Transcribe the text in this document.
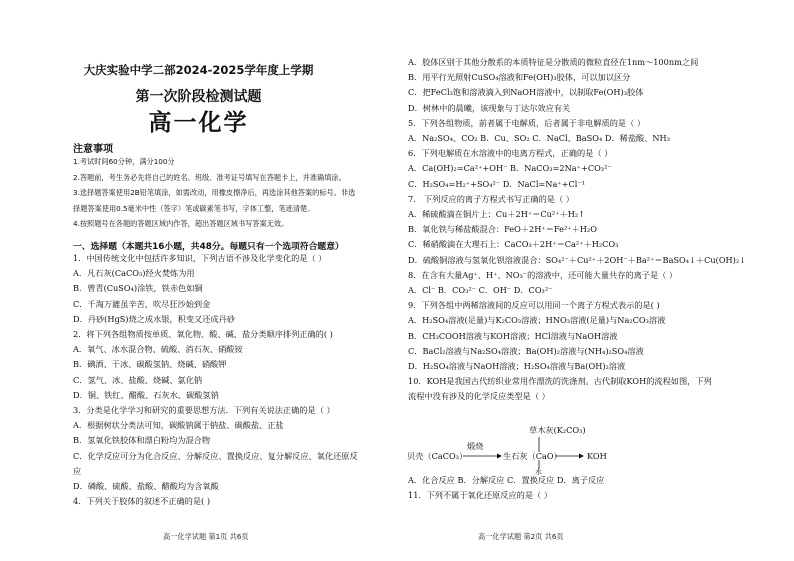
大庆实验中学二部2024-2025学年度上学期
第一次阶段检测试题
高一化学
注意事项
1.考试时间60分钟，满分100分
2.答题前，考生务必先将自己的姓名、班级、准考证号填写在答题卡上，并准确填涂。
3.选择题答案使用2B铅笔填涂，如需改动，用橡皮擦净后，再选涂其他答案的标号。非选
择题答案使用0.5毫米中性（签字）笔或碳素笔书写，字体工整，笔迹清楚。
4.按照题号在各题的答题区域内作答，超出答题区域书写答案无效。
一、选择题（本题共16小题，共48分。每题只有一个选项符合题意）
1．中国传统文化中包括许多知识，下列古语不涉及化学变化的是（ ）
A．凡石灰(CaCO₃)经火焚炼为用
B．曾青(CuSO₄)涂铁，铁赤色如铜
C．千淘万漉虽辛苦，吹尽狂沙始到金
D．丹砂(HgS)烧之成水银，积变又还成丹砂
2．将下列各组物质按单质、氧化物、酸、碱、盐分类顺序排列正确的( )
A．氧气、冰水混合物、硫酸、消石灰、硝酸铵
B．碘酒、干冰、碳酸氢钠、烧碱、硝酸钾
C．氢气、冰、盐酸、烧碱、氯化钠
D．铜、铁红、醋酸、石灰水、碳酸氢钠
3．分类是化学学习和研究的重要思想方法．下列有关说法正确的是（ ）
A．根据树状分类法可知，碳酸钠属于钠盐、碳酸盐、正盐
B．氢氧化铁胶体和漂白粉均为混合物
C．化学反应可分为化合反应、分解反应、置换反应、复分解反应、氧化还原反
应
D．磷酸、硫酸、盐酸、醋酸均为含氧酸
4．下列关于胶体的叙述不正确的是( )
高一化学试题 第1页 共6页
A．胶体区别于其他分散系的本质特征是分散质的微粒直径在1nm～100nm之间
B．用平行光照射CuSO₄溶液和Fe(OH)₃胶体，可以加以区分
C．把FeCl₃饱和溶液滴入到NaOH溶液中，以制取Fe(OH)₃胶体
D．树林中的晨曦，该现象与丁达尔效应有关
5．下列各组物质，前者属于电解质，后者属于非电解质的是（ ）
A．Na₂SO₄、CO₂ B．Cu、SO₂ C．NaCl、BaSO₄ D．稀盐酸、NH₃
6．下列电解质在水溶液中的电离方程式，正确的是（ ）
A．Ca(OH)₂=Ca²⁺+OH⁻ B．NaCO₃=2Na⁺+CO₃²⁻
C．H₂SO₄=H₂⁺+SO₄²⁻ D．NaCl=Na⁺+Cl⁻¹
7． 下列反应的离子方程式书写正确的是（ ）
A．稀硫酸滴在铜片上：Cu＋2H⁺＝Cu²⁺＋H₂↑
B．氧化铁与稀盐酸混合：FeO＋2H⁺＝Fe²⁺＋H₂O
C．稀硝酸滴在大理石上：CaCO₃＋2H⁺＝Ca²⁺＋H₂CO₃
D．硫酸铜溶液与氢氧化钡溶液混合：SO₄²⁻＋Cu²⁺＋2OH⁻＋Ba²⁺＝BaSO₄↓＋Cu(OH)₂↓
8．在含有大量Ag⁺、H⁺、NO₃⁻的溶液中，还可能大量共存的离子是（ ）
A．Cl⁻ B．CO₃²⁻ C．OH⁻ D．CO₃²⁻
9．下列各组中两稀溶液间的反应可以用同一个离子方程式表示的是( )
A．H₂SO₄溶液(足量)与K₂CO₃溶液；HNO₃溶液(足量)与Na₂CO₃溶液
B．CH₃COOH溶液与KOH溶液；HCl溶液与NaOH溶液
C．BaCl₂溶液与Na₂SO₄溶液；Ba(OH)₂溶液与(NH₄)₂SO₄溶液
D．H₂SO₄溶液与NaOH溶液；H₂SO₄溶液与Ba(OH)₂溶液
10．KOH是我国古代纺织业常用作漂洗的洗涤剂。古代制取KOH的流程如图，下列
流程中没有涉及的化学反应类型是（ ）
草木灰(K₂CO₃)
贝壳（CaCO₃）
煅烧
生石灰（CaO）
水
KOH
A．化合反应 B．分解反应 C．置换反应 D．离子反应
11．下列不属于氧化还原反应的是（ ）
高一化学试题 第2页 共6页
